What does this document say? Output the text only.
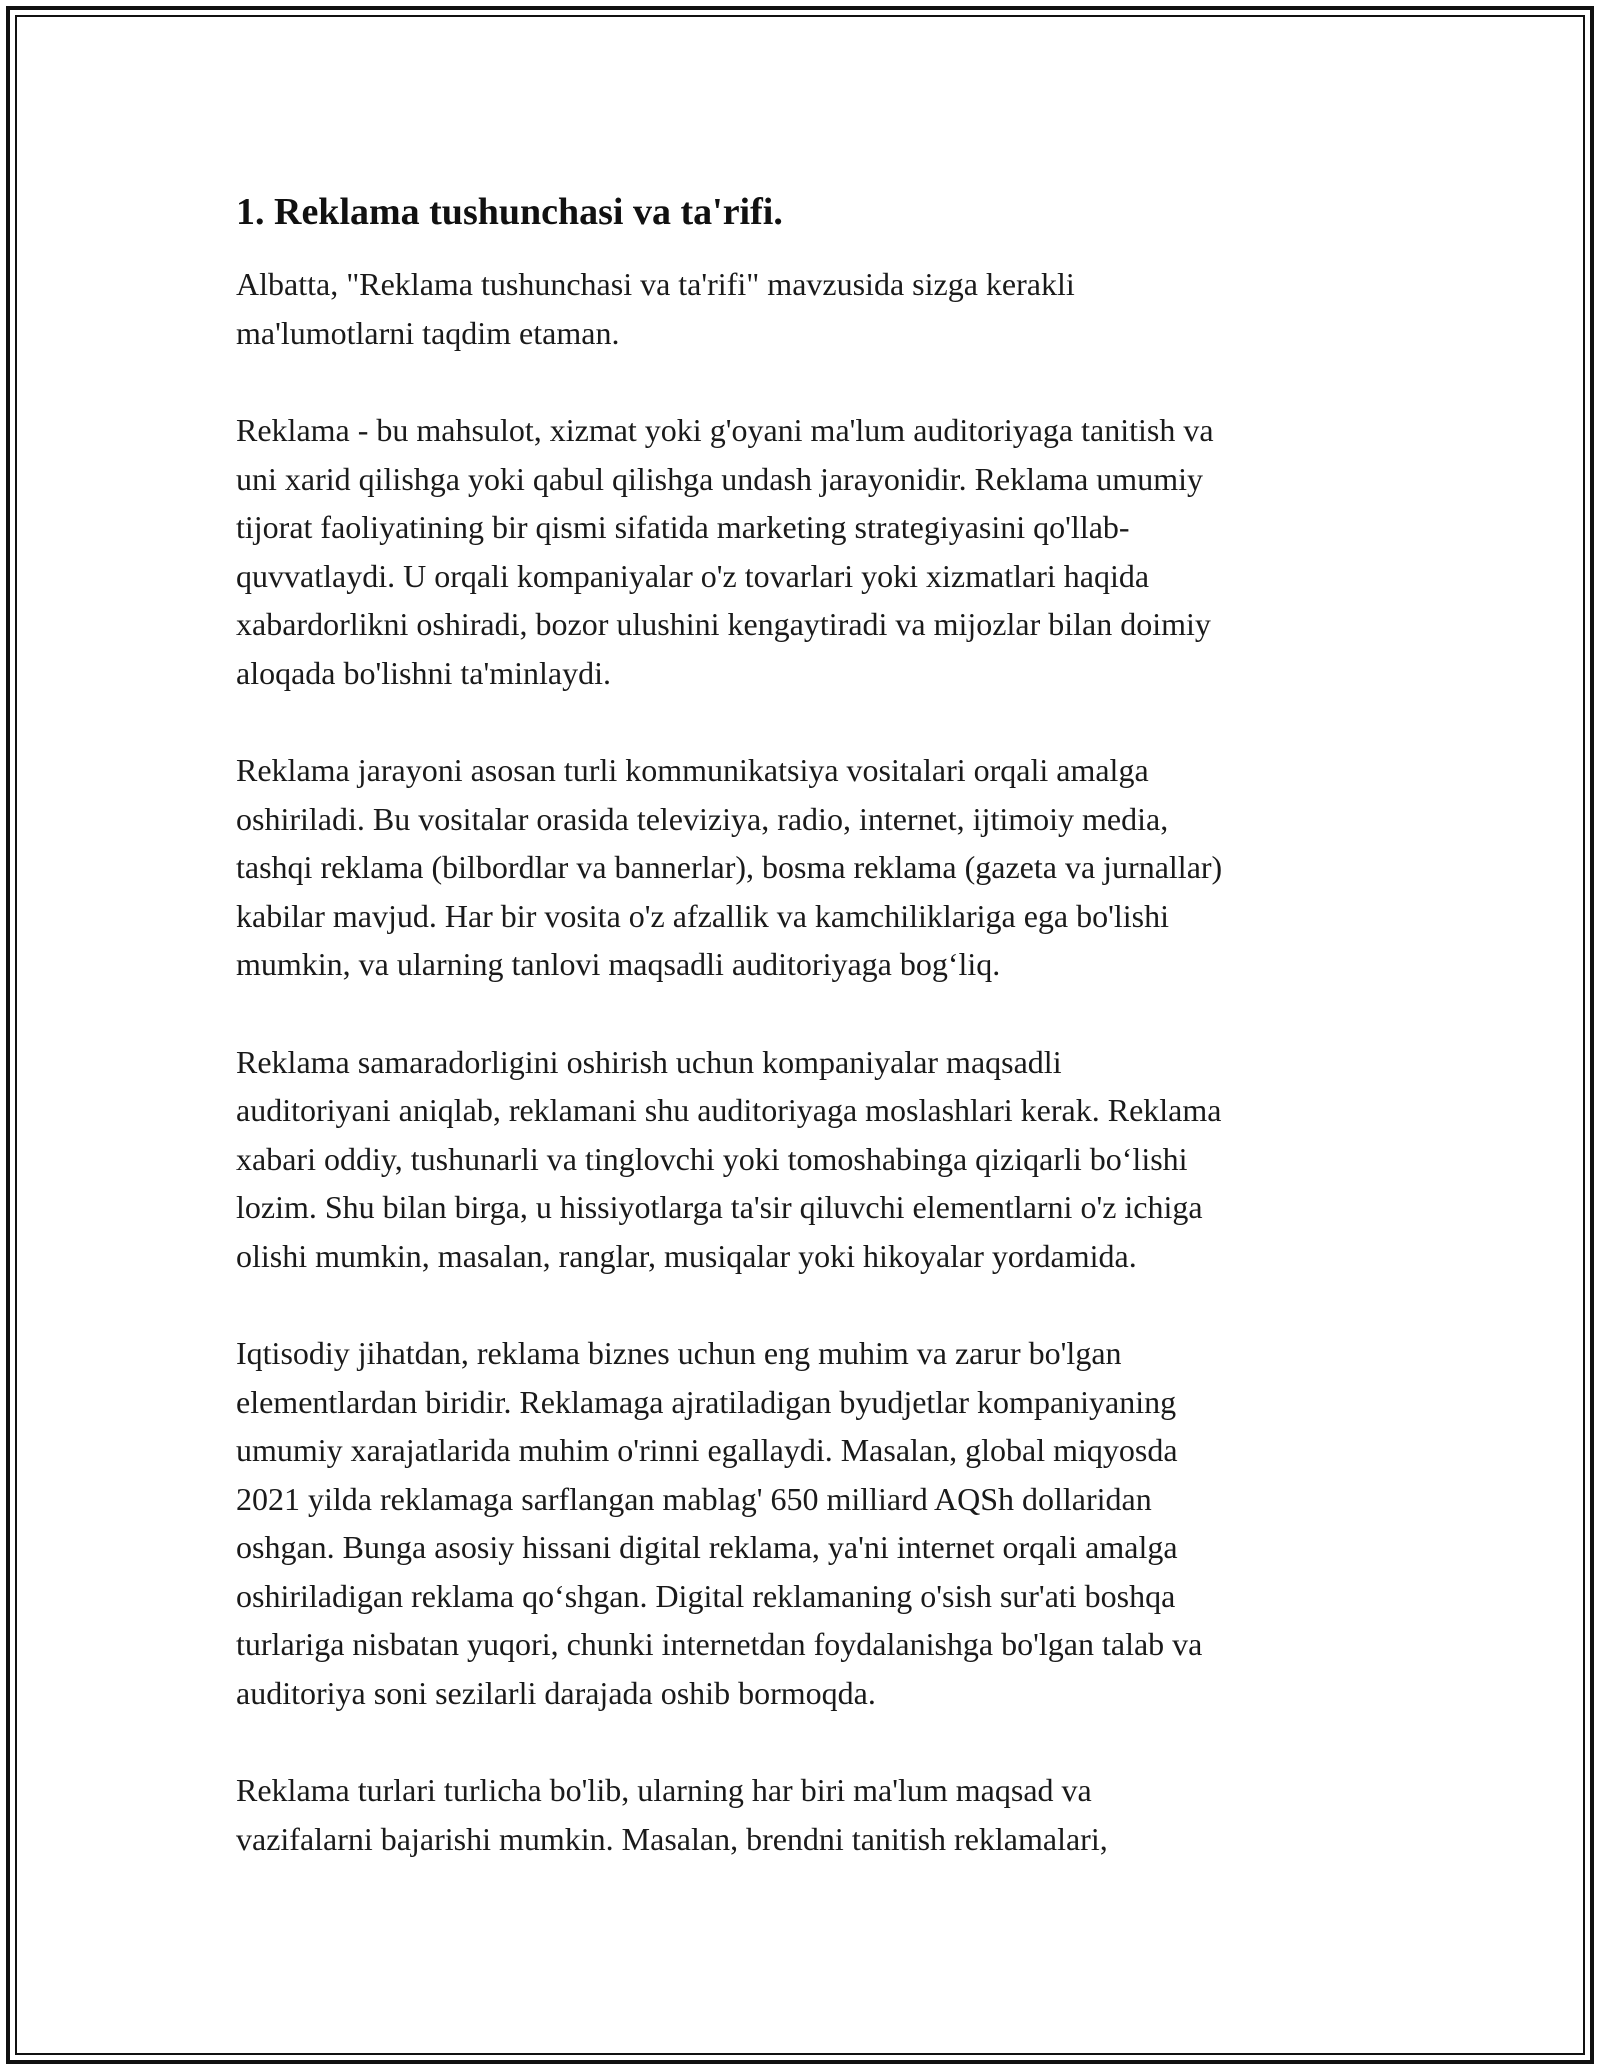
1. Reklama tushunchasi va ta'rifi.

Albatta, "Reklama tushunchasi va ta'rifi" mavzusida sizga kerakli
ma'lumotlarni taqdim etaman.

Reklama - bu mahsulot, xizmat yoki g'oyani ma'lum auditoriyaga tanitish va
uni xarid qilishga yoki qabul qilishga undash jarayonidir. Reklama umumiy
tijorat faoliyatining bir qismi sifatida marketing strategiyasini qo'llab-
quvvatlaydi. U orqali kompaniyalar o'z tovarlari yoki xizmatlari haqida
xabardorlikni oshiradi, bozor ulushini kengaytiradi va mijozlar bilan doimiy
aloqada bo'lishni ta'minlaydi.

Reklama jarayoni asosan turli kommunikatsiya vositalari orqali amalga
oshiriladi. Bu vositalar orasida televiziya, radio, internet, ijtimoiy media,
tashqi reklama (bilbordlar va bannerlar), bosma reklama (gazeta va jurnallar)
kabilar mavjud. Har bir vosita o'z afzallik va kamchiliklariga ega bo'lishi
mumkin, va ularning tanlovi maqsadli auditoriyaga bog‘liq.

Reklama samaradorligini oshirish uchun kompaniyalar maqsadli
auditoriyani aniqlab, reklamani shu auditoriyaga moslashlari kerak. Reklama
xabari oddiy, tushunarli va tinglovchi yoki tomoshabinga qiziqarli bo‘lishi
lozim. Shu bilan birga, u hissiyotlarga ta'sir qiluvchi elementlarni o'z ichiga
olishi mumkin, masalan, ranglar, musiqalar yoki hikoyalar yordamida.

Iqtisodiy jihatdan, reklama biznes uchun eng muhim va zarur bo'lgan
elementlardan biridir. Reklamaga ajratiladigan byudjetlar kompaniyaning
umumiy xarajatlarida muhim o'rinni egallaydi. Masalan, global miqyosda
2021 yilda reklamaga sarflangan mablag' 650 milliard AQSh dollaridan
oshgan. Bunga asosiy hissani digital reklama, ya'ni internet orqali amalga
oshiriladigan reklama qo‘shgan. Digital reklamaning o'sish sur'ati boshqa
turlariga nisbatan yuqori, chunki internetdan foydalanishga bo'lgan talab va
auditoriya soni sezilarli darajada oshib bormoqda.

Reklama turlari turlicha bo'lib, ularning har biri ma'lum maqsad va
vazifalarni bajarishi mumkin. Masalan, brendni tanitish reklamalari,
